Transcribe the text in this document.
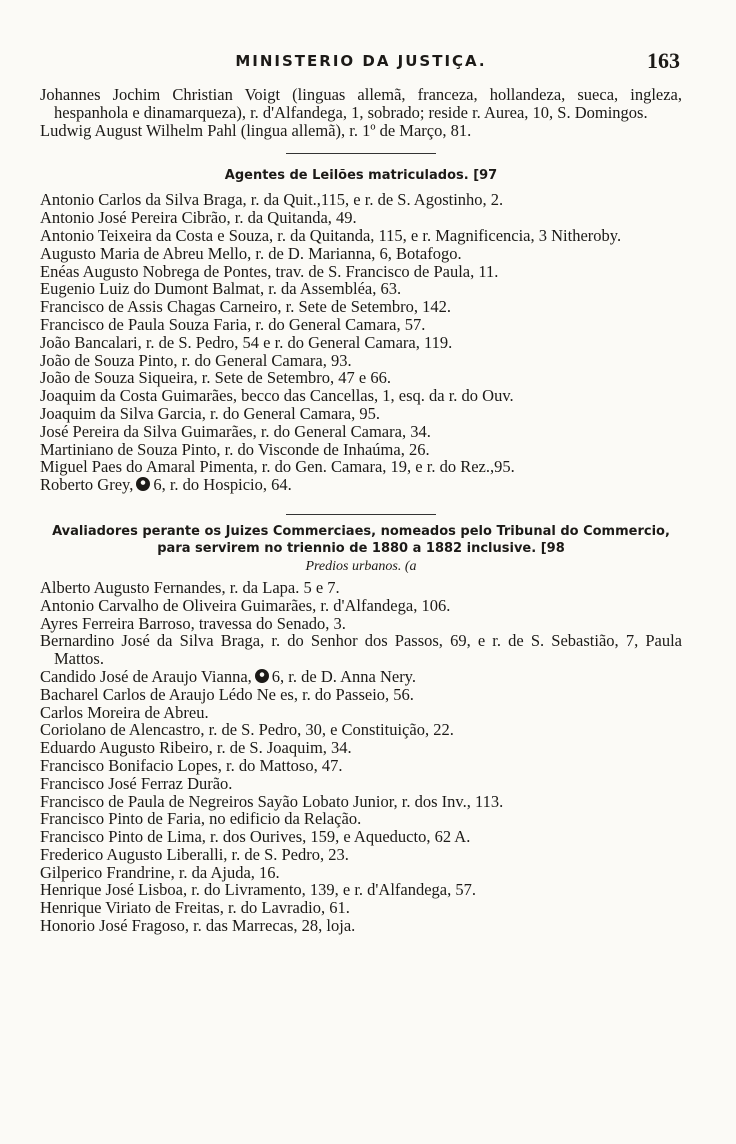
MINISTERIO DA JUSTIÇA.	163
Johannes Jochim Christian Voigt (linguas allemã, franceza, hollandeza, sueca, ingleza, hespanhola e dinamarqueza), r. d'Alfandega, 1, sobrado; reside r. Aurea, 10, S. Domingos.
Ludwig August Wilhelm Pahl (lingua allemã), r. 1º de Março, 81.
Agentes de Leilões matriculados. [97
Antonio Carlos da Silva Braga, r. da Quit.,115, e r. de S. Agostinho, 2.
Antonio José Pereira Cibrão, r. da Quitanda, 49.
Antonio Teixeira da Costa e Souza, r. da Quitanda, 115, e r. Magnificencia, 3 Nitheroby.
Augusto Maria de Abreu Mello, r. de D. Marianna, 6, Botafogo.
Enéas Augusto Nobrega de Pontes, trav. de S. Francisco de Paula, 11.
Eugenio Luiz do Dumont Balmat, r. da Assembléa, 63.
Francisco de Assis Chagas Carneiro, r. Sete de Setembro, 142.
Francisco de Paula Souza Faria, r. do General Camara, 57.
João Bancalari, r. de S. Pedro, 54 e r. do General Camara, 119.
João de Souza Pinto, r. do General Camara, 93.
João de Souza Siqueira, r. Sete de Setembro, 47 e 66.
Joaquim da Costa Guimarães, becco das Cancellas, 1, esq. da r. do Ouv.
Joaquim da Silva Garcia, r. do General Camara, 95.
José Pereira da Silva Guimarães, r. do General Camara, 34.
Martiniano de Souza Pinto, r. do Visconde de Inhaúma, 26.
Miguel Paes do Amaral Pimenta, r. do Gen. Camara, 19, e r. do Rez.,95.
Roberto Grey, 6, r. do Hospicio, 64.
Avaliadores perante os Juizes Commerciaes, nomeados pelo Tribunal do Commercio,
para servirem no triennio de 1880 a 1882 inclusive. [98
Predios urbanos. (a
Alberto Augusto Fernandes, r. da Lapa. 5 e 7.
Antonio Carvalho de Oliveira Guimarães, r. d'Alfandega, 106.
Ayres Ferreira Barroso, travessa do Senado, 3.
Bernardino José da Silva Braga, r. do Senhor dos Passos, 69, e r. de S. Sebastião, 7, Paula Mattos.
Candido José de Araujo Vianna, 6, r. de D. Anna Nery.
Bacharel Carlos de Araujo Lédo Ne es, r. do Passeio, 56.
Carlos Moreira de Abreu.
Coriolano de Alencastro, r. de S. Pedro, 30, e Constituição, 22.
Eduardo Augusto Ribeiro, r. de S. Joaquim, 34.
Francisco Bonifacio Lopes, r. do Mattoso, 47.
Francisco José Ferraz Durão.
Francisco de Paula de Negreiros Sayão Lobato Junior, r. dos Inv., 113.
Francisco Pinto de Faria, no edificio da Relação.
Francisco Pinto de Lima, r. dos Ourives, 159, e Aqueducto, 62 A.
Frederico Augusto Liberalli, r. de S. Pedro, 23.
Gilperico Frandrine, r. da Ajuda, 16.
Henrique José Lisboa, r. do Livramento, 139, e r. d'Alfandega, 57.
Henrique Viriato de Freitas, r. do Lavradio, 61.
Honorio José Fragoso, r. das Marrecas, 28, loja.
